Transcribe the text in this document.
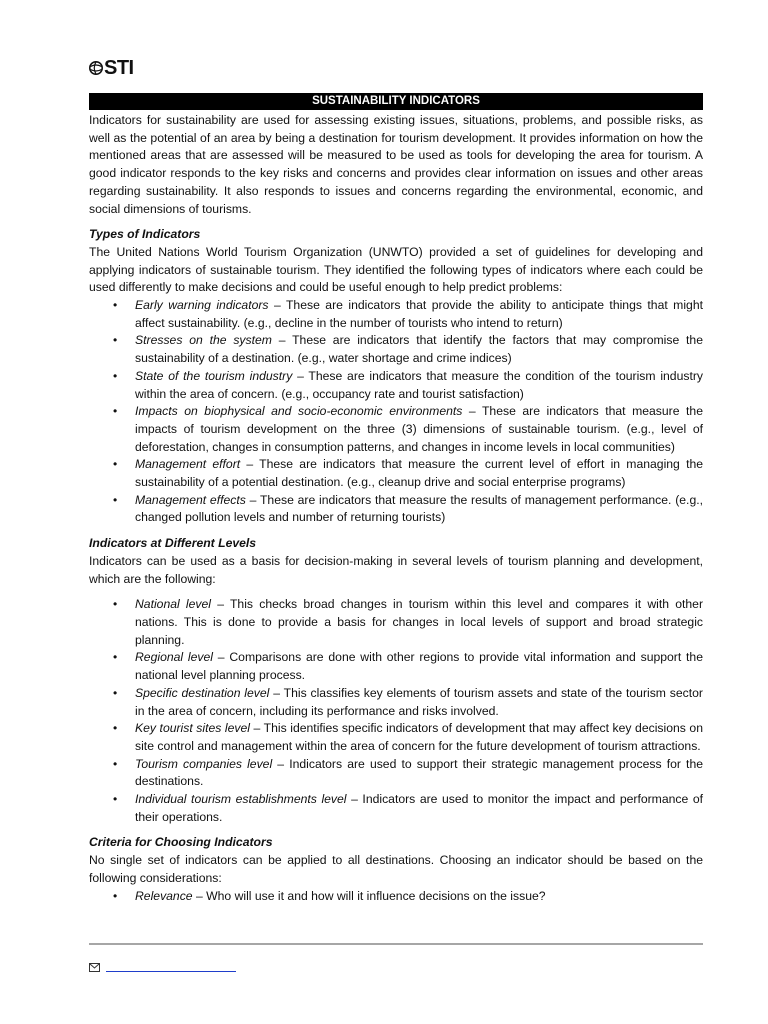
STI
SUSTAINABILITY INDICATORS

Indicators for sustainability are used for assessing existing issues, situations, problems, and possible risks, as well as the potential of an area by being a destination for tourism development. It provides information on how the mentioned areas that are assessed will be measured to be used as tools for developing the area for tourism. A good indicator responds to the key risks and concerns and provides clear information on issues and other areas regarding sustainability. It also responds to issues and concerns regarding the environmental, economic, and social dimensions of tourisms.

Types of Indicators

The United Nations World Tourism Organization (UNWTO) provided a set of guidelines for developing and applying indicators of sustainable tourism. They identified the following types of indicators where each could be used differently to make decisions and could be useful enough to help predict problems:

• Early warning indicators – These are indicators that provide the ability to anticipate things that might affect sustainability. (e.g., decline in the number of tourists who intend to return)
• Stresses on the system – These are indicators that identify the factors that may compromise the sustainability of a destination. (e.g., water shortage and crime indices)
• State of the tourism industry – These are indicators that measure the condition of the tourism industry within the area of concern. (e.g., occupancy rate and tourist satisfaction)
• Impacts on biophysical and socio-economic environments – These are indicators that measure the impacts of tourism development on the three (3) dimensions of sustainable tourism. (e.g., level of deforestation, changes in consumption patterns, and changes in income levels in local communities)
• Management effort – These are indicators that measure the current level of effort in managing the sustainability of a potential destination. (e.g., cleanup drive and social enterprise programs)
• Management effects – These are indicators that measure the results of management performance. (e.g., changed pollution levels and number of returning tourists)

Indicators at Different Levels

Indicators can be used as a basis for decision-making in several levels of tourism planning and development, which are the following:

• National level – This checks broad changes in tourism within this level and compares it with other nations. This is done to provide a basis for changes in local levels of support and broad strategic planning.
• Regional level – Comparisons are done with other regions to provide vital information and support the national level planning process.
• Specific destination level – This classifies key elements of tourism assets and state of the tourism sector in the area of concern, including its performance and risks involved.
• Key tourist sites level – This identifies specific indicators of development that may affect key decisions on site control and management within the area of concern for the future development of tourism attractions.
• Tourism companies level – Indicators are used to support their strategic management process for the destinations.
• Individual tourism establishments level – Indicators are used to monitor the impact and performance of their operations.

Criteria for Choosing Indicators

No single set of indicators can be applied to all destinations. Choosing an indicator should be based on the following considerations:

• Relevance – Who will use it and how will it influence decisions on the issue?
